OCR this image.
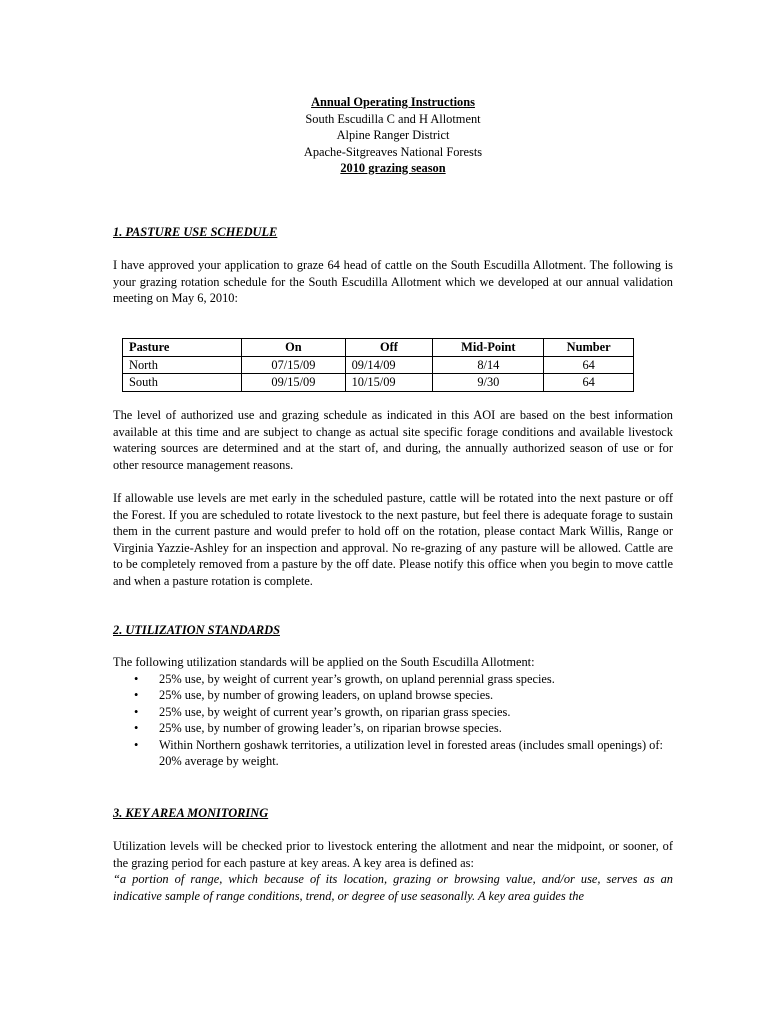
Annual Operating Instructions
South Escudilla C and H Allotment
Alpine Ranger District
Apache-Sitgreaves National Forests
2010 grazing season
1. PASTURE USE SCHEDULE

I have approved your application to graze 64 head of cattle on the South Escudilla Allotment. The following is your grazing rotation schedule for the South Escudilla Allotment which we developed at our annual validation meeting on May 6, 2010:

Pasture	On	Off	Mid-Point	Number
North	07/15/09	09/14/09	8/14	64
South	09/15/09	10/15/09	9/30	64

The level of authorized use and grazing schedule as indicated in this AOI are based on the best information available at this time and are subject to change as actual site specific forage conditions and available livestock watering sources are determined and at the start of, and during, the annually authorized season of use or for other resource management reasons.

If allowable use levels are met early in the scheduled pasture, cattle will be rotated into the next pasture or off the Forest. If you are scheduled to rotate livestock to the next pasture, but feel there is adequate forage to sustain them in the current pasture and would prefer to hold off on the rotation, please contact Mark Willis, Range or Virginia Yazzie-Ashley for an inspection and approval. No re-grazing of any pasture will be allowed. Cattle are to be completely removed from a pasture by the off date. Please notify this office when you begin to move cattle and when a pasture rotation is complete.

2. UTILIZATION STANDARDS
The following utilization standards will be applied on the South Escudilla Allotment:
• 25% use, by weight of current year’s growth, on upland perennial grass species.
• 25% use, by number of growing leaders, on upland browse species.
• 25% use, by weight of current year’s growth, on riparian grass species.
• 25% use, by number of growing leader’s, on riparian browse species.
• Within Northern goshawk territories, a utilization level in forested areas (includes small openings) of: 20% average by weight.
3. KEY AREA MONITORING

Utilization levels will be checked prior to livestock entering the allotment and near the midpoint, or sooner, of the grazing period for each pasture at key areas. A key area is defined as:

“a portion of range, which because of its location, grazing or browsing value, and/or use, serves as an indicative sample of range conditions, trend, or degree of use seasonally. A key area guides the
